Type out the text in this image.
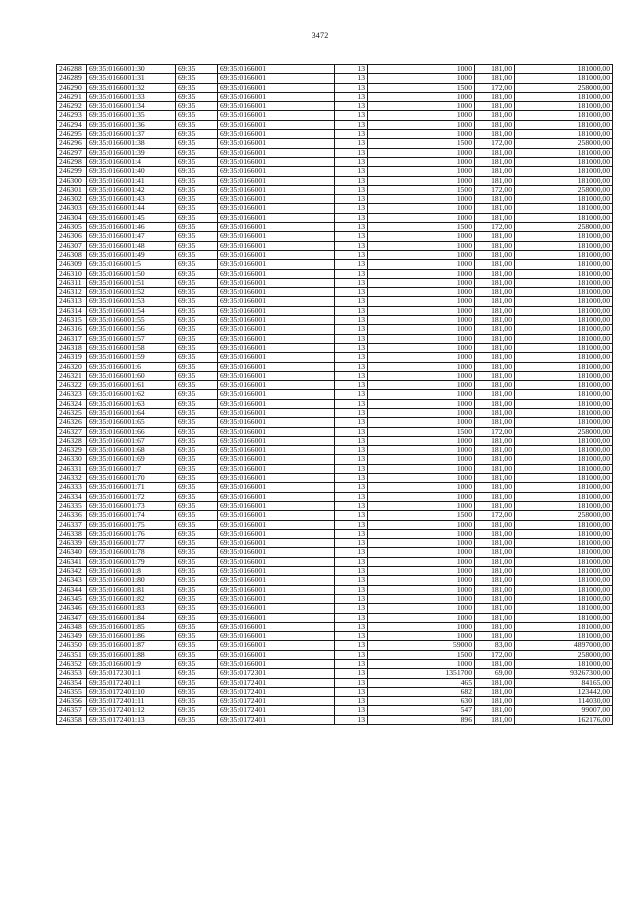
3472
246288	69:35:0166001:30	69:35	69:35:0166001	13	1000	181,00	181000,00
246289	69:35:0166001:31	69:35	69:35:0166001	13	1000	181,00	181000,00
246290	69:35:0166001:32	69:35	69:35:0166001	13	1500	172,00	258000,00
246291	69:35:0166001:33	69:35	69:35:0166001	13	1000	181,00	181000,00
246292	69:35:0166001:34	69:35	69:35:0166001	13	1000	181,00	181000,00
246293	69:35:0166001:35	69:35	69:35:0166001	13	1000	181,00	181000,00
246294	69:35:0166001:36	69:35	69:35:0166001	13	1000	181,00	181000,00
246295	69:35:0166001:37	69:35	69:35:0166001	13	1000	181,00	181000,00
246296	69:35:0166001:38	69:35	69:35:0166001	13	1500	172,00	258000,00
246297	69:35:0166001:39	69:35	69:35:0166001	13	1000	181,00	181000,00
246298	69:35:0166001:4	69:35	69:35:0166001	13	1000	181,00	181000,00
246299	69:35:0166001:40	69:35	69:35:0166001	13	1000	181,00	181000,00
246300	69:35:0166001:41	69:35	69:35:0166001	13	1000	181,00	181000,00
246301	69:35:0166001:42	69:35	69:35:0166001	13	1500	172,00	258000,00
246302	69:35:0166001:43	69:35	69:35:0166001	13	1000	181,00	181000,00
246303	69:35:0166001:44	69:35	69:35:0166001	13	1000	181,00	181000,00
246304	69:35:0166001:45	69:35	69:35:0166001	13	1000	181,00	181000,00
246305	69:35:0166001:46	69:35	69:35:0166001	13	1500	172,00	258000,00
246306	69:35:0166001:47	69:35	69:35:0166001	13	1000	181,00	181000,00
246307	69:35:0166001:48	69:35	69:35:0166001	13	1000	181,00	181000,00
246308	69:35:0166001:49	69:35	69:35:0166001	13	1000	181,00	181000,00
246309	69:35:0166001:5	69:35	69:35:0166001	13	1000	181,00	181000,00
246310	69:35:0166001:50	69:35	69:35:0166001	13	1000	181,00	181000,00
246311	69:35:0166001:51	69:35	69:35:0166001	13	1000	181,00	181000,00
246312	69:35:0166001:52	69:35	69:35:0166001	13	1000	181,00	181000,00
246313	69:35:0166001:53	69:35	69:35:0166001	13	1000	181,00	181000,00
246314	69:35:0166001:54	69:35	69:35:0166001	13	1000	181,00	181000,00
246315	69:35:0166001:55	69:35	69:35:0166001	13	1000	181,00	181000,00
246316	69:35:0166001:56	69:35	69:35:0166001	13	1000	181,00	181000,00
246317	69:35:0166001:57	69:35	69:35:0166001	13	1000	181,00	181000,00
246318	69:35:0166001:58	69:35	69:35:0166001	13	1000	181,00	181000,00
246319	69:35:0166001:59	69:35	69:35:0166001	13	1000	181,00	181000,00
246320	69:35:0166001:6	69:35	69:35:0166001	13	1000	181,00	181000,00
246321	69:35:0166001:60	69:35	69:35:0166001	13	1000	181,00	181000,00
246322	69:35:0166001:61	69:35	69:35:0166001	13	1000	181,00	181000,00
246323	69:35:0166001:62	69:35	69:35:0166001	13	1000	181,00	181000,00
246324	69:35:0166001:63	69:35	69:35:0166001	13	1000	181,00	181000,00
246325	69:35:0166001:64	69:35	69:35:0166001	13	1000	181,00	181000,00
246326	69:35:0166001:65	69:35	69:35:0166001	13	1000	181,00	181000,00
246327	69:35:0166001:66	69:35	69:35:0166001	13	1500	172,00	258000,00
246328	69:35:0166001:67	69:35	69:35:0166001	13	1000	181,00	181000,00
246329	69:35:0166001:68	69:35	69:35:0166001	13	1000	181,00	181000,00
246330	69:35:0166001:69	69:35	69:35:0166001	13	1000	181,00	181000,00
246331	69:35:0166001:7	69:35	69:35:0166001	13	1000	181,00	181000,00
246332	69:35:0166001:70	69:35	69:35:0166001	13	1000	181,00	181000,00
246333	69:35:0166001:71	69:35	69:35:0166001	13	1000	181,00	181000,00
246334	69:35:0166001:72	69:35	69:35:0166001	13	1000	181,00	181000,00
246335	69:35:0166001:73	69:35	69:35:0166001	13	1000	181,00	181000,00
246336	69:35:0166001:74	69:35	69:35:0166001	13	1500	172,00	258000,00
246337	69:35:0166001:75	69:35	69:35:0166001	13	1000	181,00	181000,00
246338	69:35:0166001:76	69:35	69:35:0166001	13	1000	181,00	181000,00
246339	69:35:0166001:77	69:35	69:35:0166001	13	1000	181,00	181000,00
246340	69:35:0166001:78	69:35	69:35:0166001	13	1000	181,00	181000,00
246341	69:35:0166001:79	69:35	69:35:0166001	13	1000	181,00	181000,00
246342	69:35:0166001:8	69:35	69:35:0166001	13	1000	181,00	181000,00
246343	69:35:0166001:80	69:35	69:35:0166001	13	1000	181,00	181000,00
246344	69:35:0166001:81	69:35	69:35:0166001	13	1000	181,00	181000,00
246345	69:35:0166001:82	69:35	69:35:0166001	13	1000	181,00	181000,00
246346	69:35:0166001:83	69:35	69:35:0166001	13	1000	181,00	181000,00
246347	69:35:0166001:84	69:35	69:35:0166001	13	1000	181,00	181000,00
246348	69:35:0166001:85	69:35	69:35:0166001	13	1000	181,00	181000,00
246349	69:35:0166001:86	69:35	69:35:0166001	13	1000	181,00	181000,00
246350	69:35:0166001:87	69:35	69:35:0166001	13	59000	83,00	4897000,00
246351	69:35:0166001:88	69:35	69:35:0166001	13	1500	172,00	258000,00
246352	69:35:0166001:9	69:35	69:35:0166001	13	1000	181,00	181000,00
246353	69:35:0172301:1	69:35	69:35:0172301	13	1351700	69,00	93267300,00
246354	69:35:0172401:1	69:35	69:35:0172401	13	465	181,00	84165,00
246355	69:35:0172401:10	69:35	69:35:0172401	13	682	181,00	123442,00
246356	69:35:0172401:11	69:35	69:35:0172401	13	630	181,00	114030,00
246357	69:35:0172401:12	69:35	69:35:0172401	13	547	181,00	99007,00
246358	69:35:0172401:13	69:35	69:35:0172401	13	896	181,00	162176,00
